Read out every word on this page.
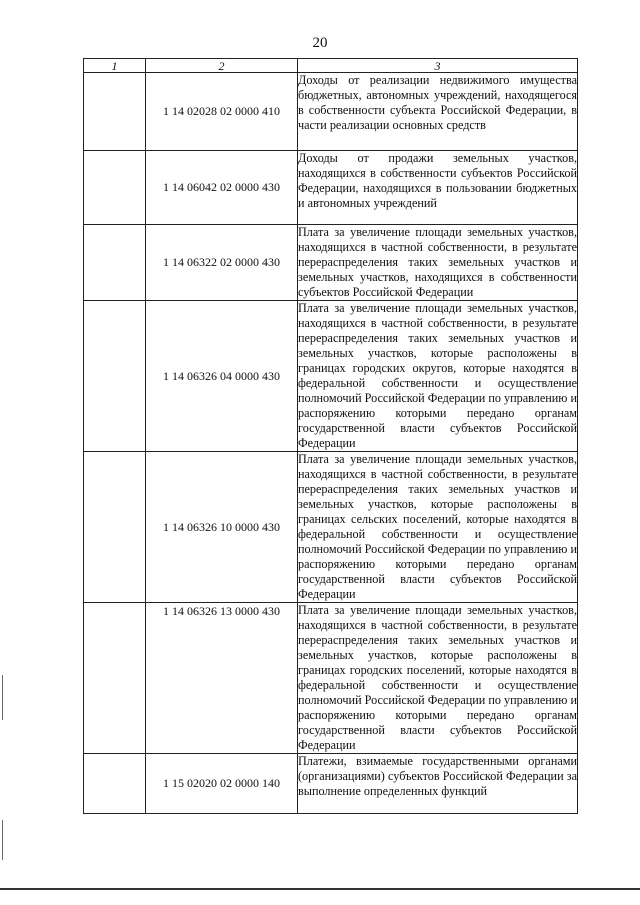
20
1	2	3
	1 14 02028 02 0000 410	Доходы от реализации недвижимого имущества бюджетных, автономных учреждений, находящегося в собственности субъекта Российской Федерации, в части реализации основных средств
	1 14 06042 02 0000 430	Доходы от продажи земельных участков, находящихся в собственности субъектов Российской Федерации, находящихся в пользовании бюджетных и автономных учреждений
	1 14 06322 02 0000 430	Плата за увеличение площади земельных участков, находящихся в частной собственности, в результате перераспределения таких земельных участков и земельных участков, находящихся в собственности субъектов Российской Федерации
	1 14 06326 04 0000 430	Плата за увеличение площади земельных участков, находящихся в частной собственности, в результате перераспределения таких земельных участков и земельных участков, которые расположены в границах городских округов, которые находятся в федеральной собственности и осуществление полномочий Российской Федерации по управлению и распоряжению которыми передано органам государственной власти субъектов Российской Федерации
	1 14 06326 10 0000 430	Плата за увеличение площади земельных участков, находящихся в частной собственности, в результате перераспределения таких земельных участков и земельных участков, которые расположены в границах сельских поселений, которые находятся в федеральной собственности и осуществление полномочий Российской Федерации по управлению и распоряжению которыми передано органам государственной власти субъектов Российской Федерации
	1 14 06326 13 0000 430	Плата за увеличение площади земельных участков, находящихся в частной собственности, в результате перераспределения таких земельных участков и земельных участков, которые расположены в границах городских поселений, которые находятся в федеральной собственности и осуществление полномочий Российской Федерации по управлению и распоряжению которыми передано органам государственной власти субъектов Российской Федерации
	1 15 02020 02 0000 140	Платежи, взимаемые государственными органами (организациями) субъектов Российской Федерации за выполнение определенных функций
